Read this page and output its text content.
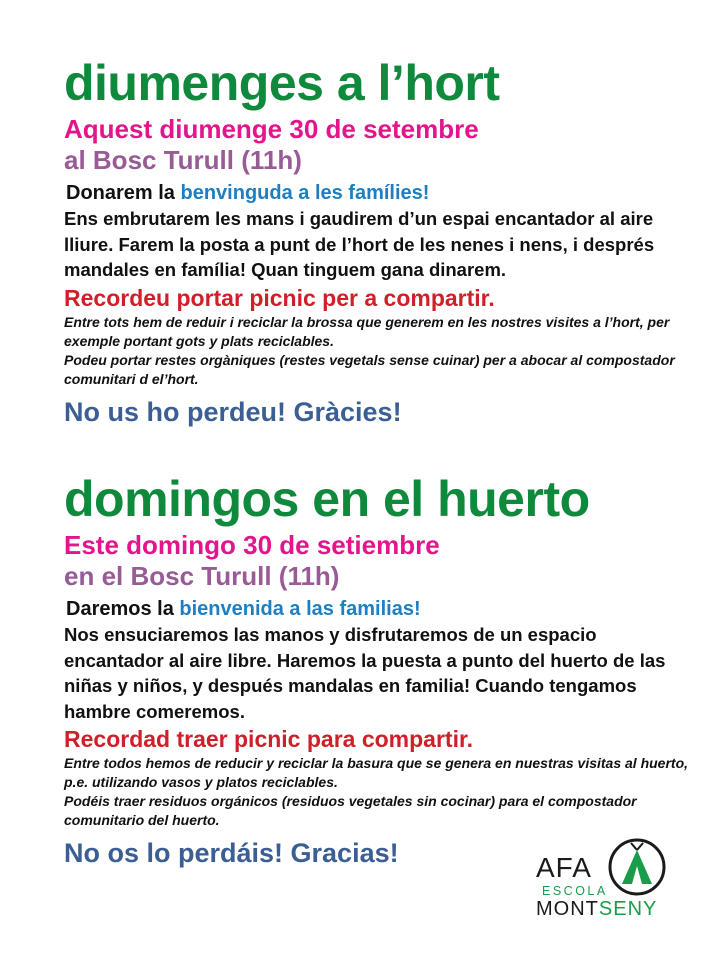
diumenges a l’hort
Aquest diumenge 30 de setembre
al Bosc Turull (11h)
Donarem la benvinguda a les famílies!
Ens embrutarem les mans i gaudirem d’un espai encantador al aire lliure. Farem la posta a punt de l’hort de les nenes i nens, i després mandales en família! Quan tinguem gana dinarem.
Recordeu portar picnic per a compartir.
Entre tots hem de reduir i reciclar la brossa que generem en les nostres visites a l’hort, per exemple portant gots y plats reciclables.
Podeu portar restes orgàniques (restes vegetals sense cuinar) per a abocar al compostador comunitari d el’hort.
No us ho perdeu! Gràcies!
domingos en el huerto
Este domingo 30 de setiembre
en el Bosc Turull (11h)
Daremos la bienvenida a las familias!
Nos ensuciaremos las manos y disfrutaremos de un espacio encantador al aire libre. Haremos la puesta a punto del huerto de las niñas y niños, y después mandalas en familia! Cuando tengamos hambre comeremos.
Recordad traer picnic para compartir.
Entre todos hemos de reducir y reciclar la basura que se genera en nuestras visitas al huerto, p.e. utilizando vasos y platos reciclables.
Podéis traer residuos orgánicos (residuos vegetales sin cocinar) para el compostador comunitario del huerto.
No os lo perdáis! Gracias!	AFA
ESCOLA
MONTSENY
